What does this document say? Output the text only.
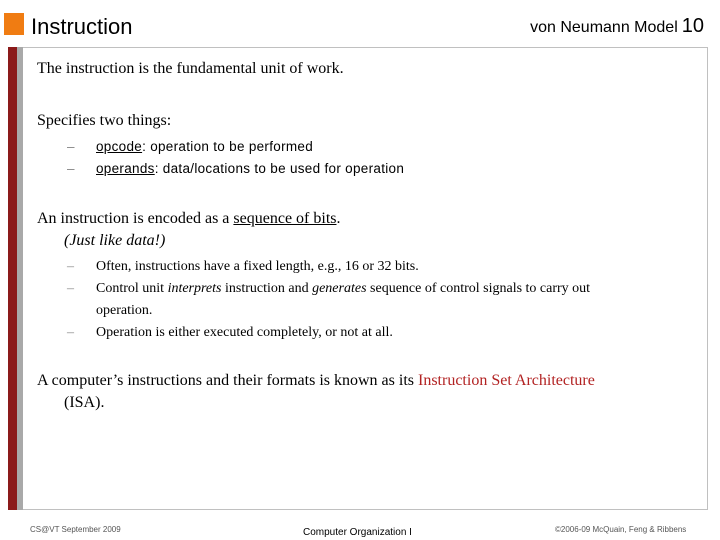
Instruction	von Neumann Model 10

The instruction is the fundamental unit of work.

Specifies two things:

– opcode: operation to be performed
– operands: data/locations to be used for operation
An instruction is encoded as a sequence of bits.
(Just like data!)
– Often, instructions have a fixed length, e.g., 16 or 32 bits.
– Control unit interprets instruction and generates sequence of control signals to carry out
operation.
– Operation is either executed completely, or not at all.
A computer’s instructions and their formats is known as its Instruction Set Architecture
(ISA).
CS@VT September 2009	Computer Organization I	©2006-09 McQuain, Feng & Ribbens
